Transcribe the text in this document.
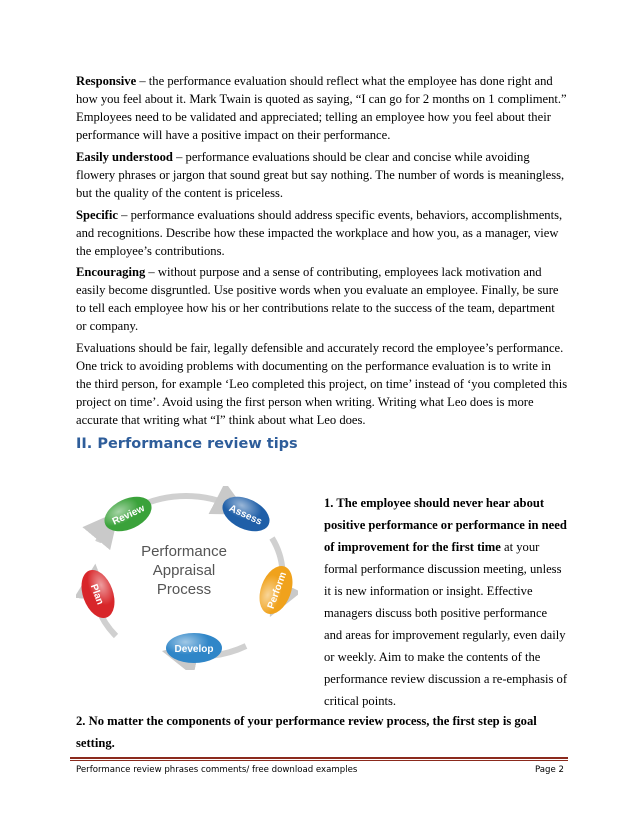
Responsive – the performance evaluation should reflect what the employee has done right and how you feel about it. Mark Twain is quoted as saying, “I can go for 2 months on 1 compliment.” Employees need to be validated and appreciated; telling an employee how you feel about their performance will have a positive impact on their performance.

Easily understood – performance evaluations should be clear and concise while avoiding flowery phrases or jargon that sound great but say nothing. The number of words is meaningless, but the quality of the content is priceless.

Specific – performance evaluations should address specific events, behaviors, accomplishments, and recognitions. Describe how these impacted the workplace and how you, as a manager, view the employee’s contributions.

Encouraging – without purpose and a sense of contributing, employees lack motivation and easily become disgruntled. Use positive words when you evaluate an employee. Finally, be sure to tell each employee how his or her contributions relate to the success of the team, department or company.

Evaluations should be fair, legally defensible and accurately record the employee’s performance. One trick to avoiding problems with documenting on the performance evaluation is to write in the third person, for example ‘Leo completed this project, on time’ instead of ‘you completed this project on time’. Avoid using the first person when writing. Writing what Leo does is more accurate that writing what “I” think about what Leo does.

II. Performance review tips
Review	Assess
Perform
Develop
Plan
Performance
Appraisal
Process

1. The employee should never hear about positive performance or performance in need of improvement for the first time at your formal performance discussion meeting, unless it is new information or insight. Effective managers discuss both positive performance and areas for improvement regularly, even daily or weekly. Aim to make the contents of the performance review discussion a re-emphasis of critical points.

2. No matter the components of your performance review process, the first step is goal setting.

Performance review phrases comments/ free download examples	Page 2
